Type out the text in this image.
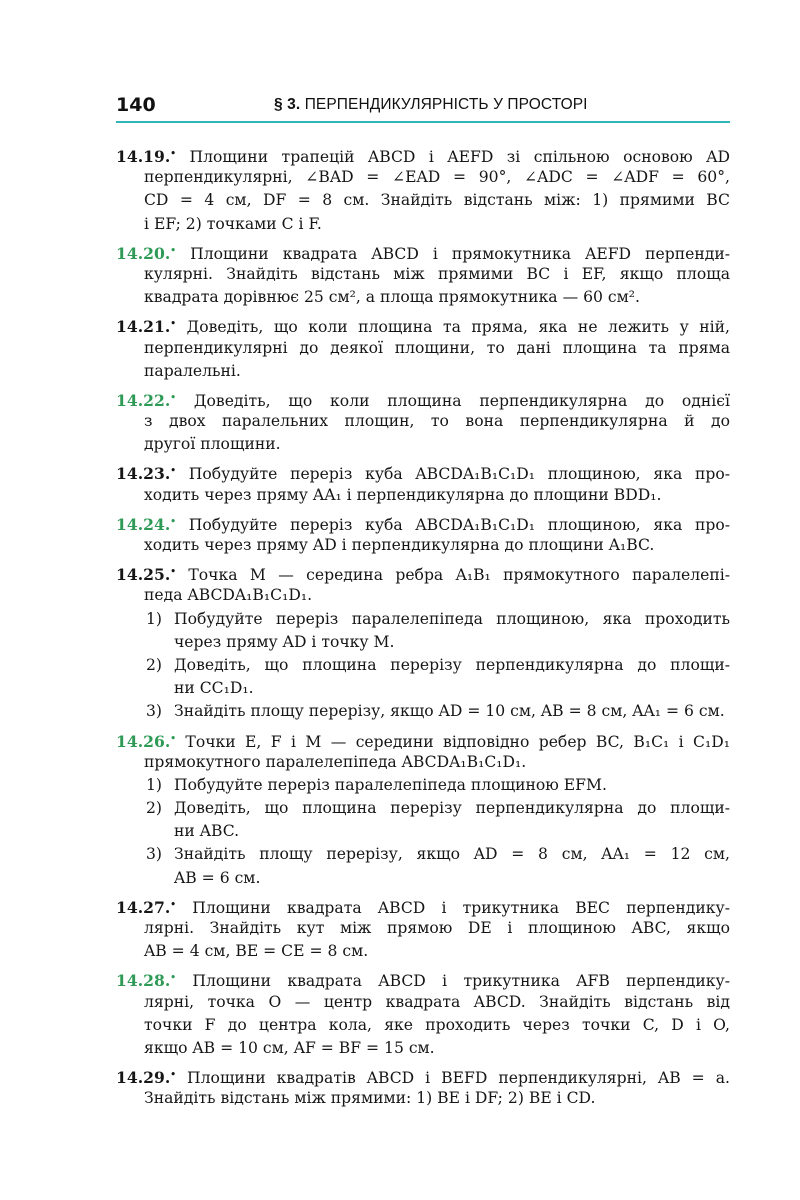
140	§ 3. ПЕРПЕНДИКУЛЯРНІСТЬ У ПРОСТОРІ
14.19.• Площини трапецій ABCD і AEFD зі спільною основою AD
перпендикулярні, ∠BAD = ∠EAD = 90°, ∠ADC = ∠ADF = 60°,
CD = 4 см, DF = 8 см. Знайдіть відстань між: 1) прямими BC
і EF; 2) точками C і F.
14.20.• Площини квадрата ABCD і прямокутника AEFD перпенди-
кулярні. Знайдіть відстань між прямими BC і EF, якщо площа
квадрата дорівнює 25 см², а площа прямокутника — 60 см².
14.21.• Доведіть, що коли площина та пряма, яка не лежить у ній,
перпендикулярні до деякої площини, то дані площина та пряма
паралельні.
14.22.• Доведіть, що коли площина перпендикулярна до однієї
з двох паралельних площин, то вона перпендикулярна й до
другої площини.
14.23.• Побудуйте переріз куба ABCDA₁B₁C₁D₁ площиною, яка про-
ходить через пряму AA₁ і перпендикулярна до площини BDD₁.
14.24.• Побудуйте переріз куба ABCDA₁B₁C₁D₁ площиною, яка про-
ходить через пряму AD і перпендикулярна до площини A₁BC.
14.25.• Точка M — середина ребра A₁B₁ прямокутного паралелепі-
педа ABCDA₁B₁C₁D₁.
1) Побудуйте переріз паралелепіпеда площиною, яка проходить
через пряму AD і точку M.
2) Доведіть, що площина перерізу перпендикулярна до площи-
ни CC₁D₁.
3) Знайдіть площу перерізу, якщо AD = 10 см, AB = 8 см, AA₁ = 6 см.
14.26.• Точки E, F і M — середини відповідно ребер BC, B₁C₁ і C₁D₁
прямокутного паралелепіпеда ABCDA₁B₁C₁D₁.
1) Побудуйте переріз паралелепіпеда площиною EFM.
2) Доведіть, що площина перерізу перпендикулярна до площи-
ни ABC.
3) Знайдіть площу перерізу, якщо AD = 8 см, AA₁ = 12 см,
AB = 6 см.
14.27.• Площини квадрата ABCD і трикутника BEC перпендику-
лярні. Знайдіть кут між прямою DE і площиною ABC, якщо
AB = 4 см, BE = CE = 8 см.
14.28.• Площини квадрата ABCD і трикутника AFB перпендику-
лярні, точка O — центр квадрата ABCD. Знайдіть відстань від
точки F до центра кола, яке проходить через точки C, D і O,
якщо AB = 10 см, AF = BF = 15 см.
14.29.• Площини квадратів ABCD і BEFD перпендикулярні, AB = a.
Знайдіть відстань між прямими: 1) BE і DF; 2) BE і CD.
